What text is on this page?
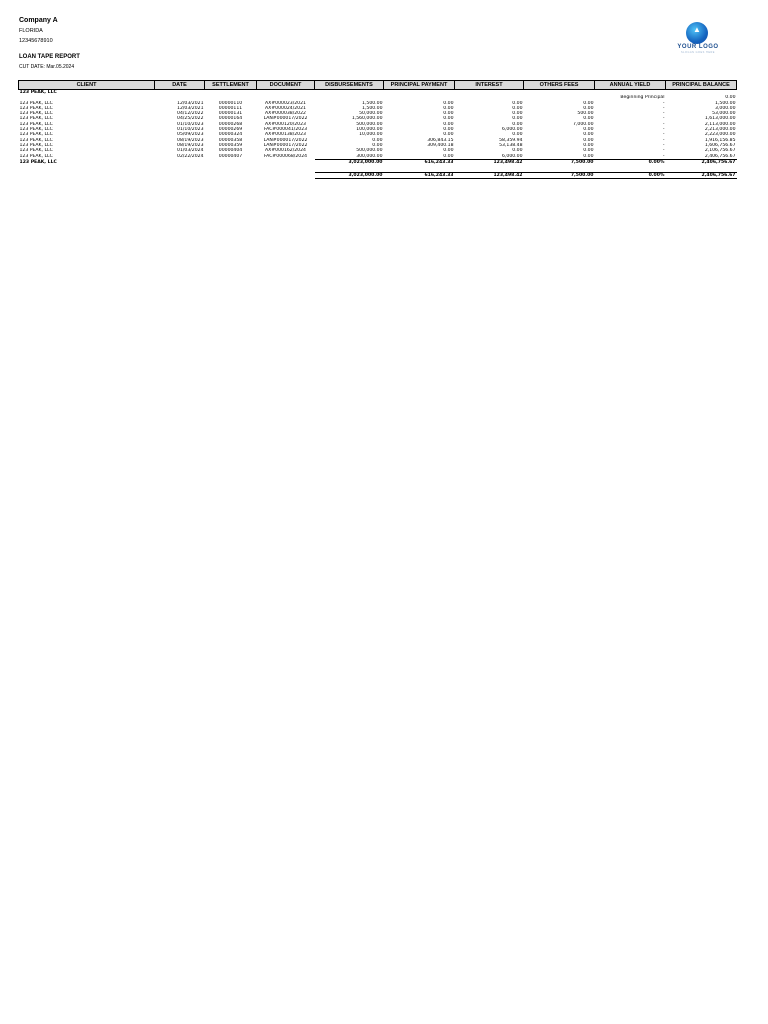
Company A
FLORIDA
12345678910
LOAN TAPE REPORT
CUT DATE: Mar.05.2024
▲
YOUR LOGO
SLOGAN GOES HERE
CLIENT	DATE	SETTLEMENT	DOCUMENT	DISBURSEMENTS	PRINCIPAL PAYMENT	INTEREST	OTHERS FEES	ANNUAL YIELD	PRINCIPAL BALANCE
123 PEAK, LLC									
								Beginning Principal	0.00
123 PEAK, LLC	12/03/2021	00000110	AX#000023/2021	1,500.00	0.00	0.00	0.00	-	1,500.00
123 PEAK, LLC	12/03/2021	00000111	AX#000024/2021	1,500.00	0.00	0.00	0.00	-	3,000.00
123 PEAK, LLC	04/12/2022	00000131	AX#000038/2022	50,000.00	0.00	0.00	500.00	-	53,000.00
123 PEAK, LLC	04/25/2022	00000164	LAN#000017/2022	1,560,000.00	0.00	0.00	0.00	-	1,613,000.00
123 PEAK, LLC	01/10/2023	00000268	AX#000120/2023	500,000.00	0.00	0.00	7,000.00	-	2,113,000.00
123 PEAK, LLC	01/10/2023	00000269	FAC#000041/2023	100,000.00	0.00	6,000.00	0.00	-	2,213,000.00
123 PEAK, LLC	05/09/2023	00000324	AX#000138/2023	10,000.00	0.00	0.00	0.00	-	2,223,000.00
123 PEAK, LLC	08/19/2023	00000358	LAN#000017/2022	0.00	306,843.15	58,359.94	0.00	-	1,916,156.85
123 PEAK, LLC	08/19/2023	00000359	LAN#000017/2022	0.00	309,400.18	53,138.48	0.00	-	1,606,756.67
123 PEAK, LLC	01/03/2024	00000404	AX#000162/2024	500,000.00	0.00	0.00	0.00	-	2,106,756.67
123 PEAK, LLC	02/22/2024	00000407	FAC#000068/2024	300,000.00	0.00	6,000.00	0.00	-	2,406,756.67
123 PEAK, LLC				3,023,000.00	616,243.33	123,498.42	7,500.00	0.00%	2,406,756.67

				3,023,000.00	616,243.33	123,498.42	7,500.00	0.00%	2,406,756.67
